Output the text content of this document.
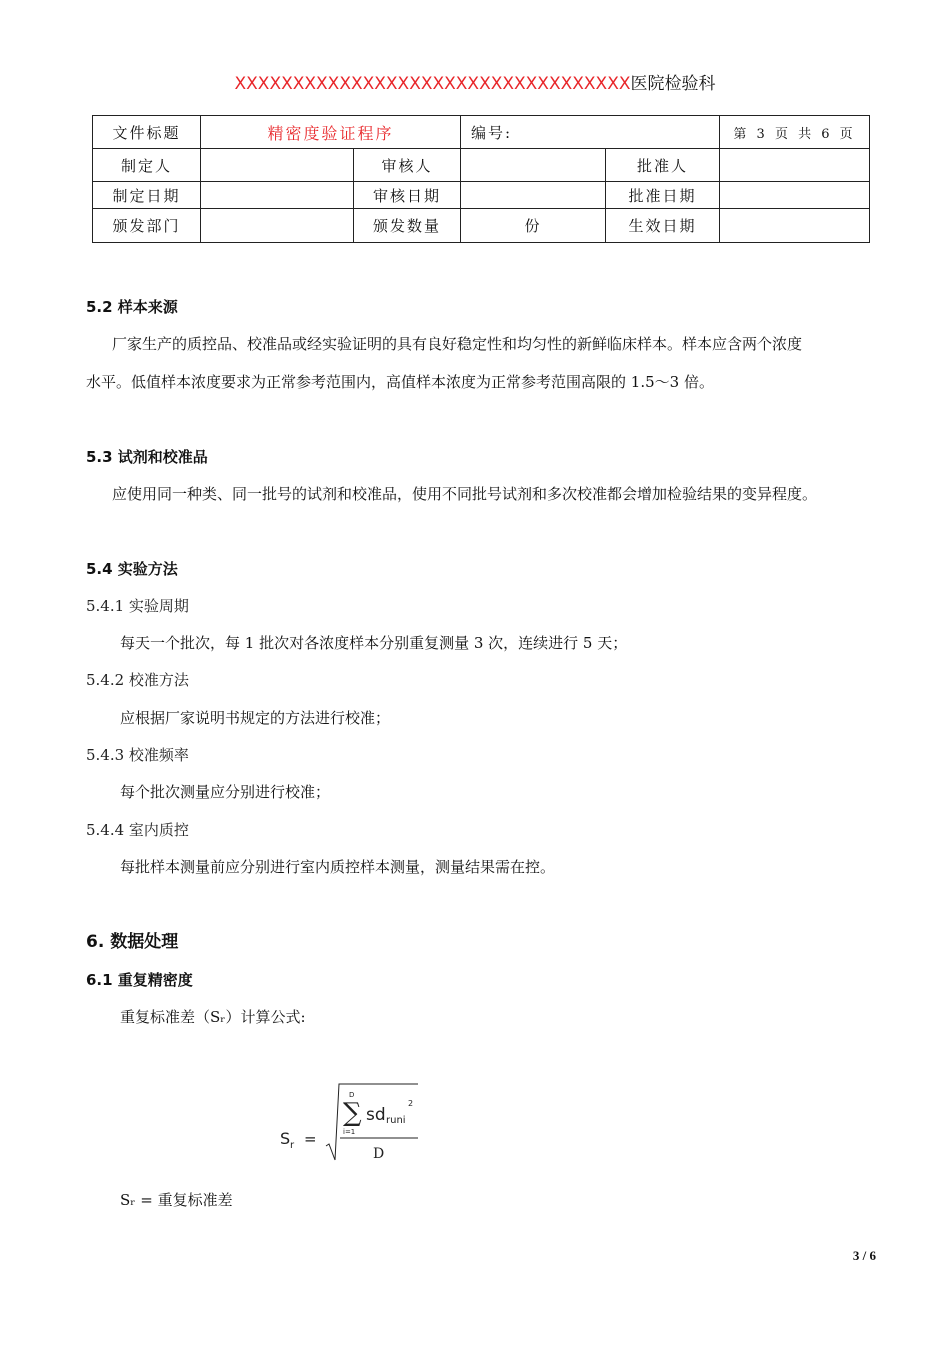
XXXXXXXXXXXXXXXXXXXXXXXXXXXXXXXXXX医院检验科
文件标题	精密度验证程序		编号:		第 3 页 共 6 页
制定人		审核人		批准人	
制定日期		审核日期		批准日期	
颁发部门		颁发数量	份	生效日期	
5.2 样本来源
厂家生产的质控品、校准品或经实验证明的具有良好稳定性和均匀性的新鲜临床样本。样本应含两个浓度
水平。低值样本浓度要求为正常参考范围内，高值样本浓度为正常参考范围高限的 1.5～3 倍。
5.3 试剂和校准品
应使用同一种类、同一批号的试剂和校准品，使用不同批号试剂和多次校准都会增加检验结果的变异程度。
5.4 实验方法
5.4.1 实验周期
每天一个批次，每 1 批次对各浓度样本分别重复测量 3 次，连续进行 5 天；
5.4.2 校准方法
应根据厂家说明书规定的方法进行校准；
5.4.3 校准频率
每个批次测量应分别进行校准；
5.4.4 室内质控
每批样本测量前应分别进行室内质控样本测量，测量结果需在控。
6. 数据处理
6.1 重复精密度
重复标准差（Sᵣ）计算公式:
S r =
D
∑
i=1
sd runi
2
D
Sᵣ = 重复标准差
3 / 6
